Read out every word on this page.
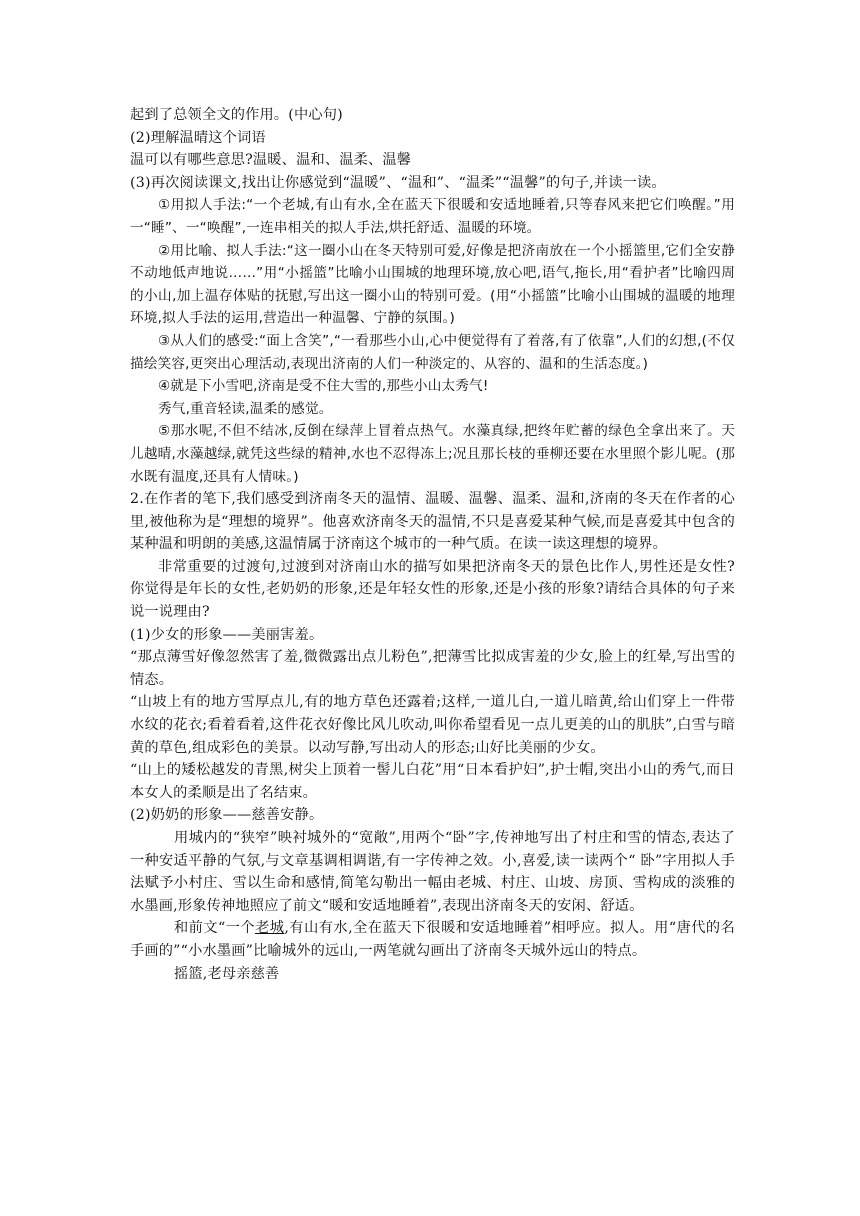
起到了总领全文的作用。(中心句)

(2)理解温晴这个词语

温可以有哪些意思?温暖、温和、温柔、温馨

(3)再次阅读课文,找出让你感觉到“温暖”、“温和”、“温柔”“温馨”的句子,并读一读。

①用拟人手法:“一个老城,有山有水,全在蓝天下很暖和安适地睡着,只等春风来把它们唤醒。”用一“睡”、一“唤醒”,一连串相关的拟人手法,烘托舒适、温暖的环境。

②用比喻、拟人手法:“这一圈小山在冬天特别可爱,好像是把济南放在一个小摇篮里,它们全安静不动地低声地说……”用“小摇篮”比喻小山围城的地理环境,放心吧,语气,拖长,用“看护者”比喻四周的小山,加上温存体贴的抚慰,写出这一圈小山的特别可爱。(用“小摇篮”比喻小山围城的温暖的地理环境,拟人手法的运用,营造出一种温馨、宁静的氛围。)

③从人们的感受:“面上含笑”,“一看那些小山,心中便觉得有了着落,有了依靠”,人们的幻想,(不仅描绘笑容,更突出心理活动,表现出济南的人们一种淡定的、从容的、温和的生活态度。)

④就是下小雪吧,济南是受不住大雪的,那些小山太秀气!

秀气,重音轻读,温柔的感觉。

⑤那水呢,不但不结冰,反倒在绿萍上冒着点热气。水藻真绿,把终年贮蓄的绿色全拿出来了。天儿越晴,水藻越绿,就凭这些绿的精神,水也不忍得冻上;况且那长枝的垂柳还要在水里照个影儿呢。(那水既有温度,还具有人情味。)

2.在作者的笔下,我们感受到济南冬天的温情、温暖、温馨、温柔、温和,济南的冬天在作者的心里,被他称为是“理想的境界”。他喜欢济南冬天的温情,不只是喜爱某种气候,而是喜爱其中包含的某种温和明朗的美感,这温情属于济南这个城市的一种气质。在读一读这理想的境界。

非常重要的过渡句,过渡到对济南山水的描写如果把济南冬天的景色比作人,男性还是女性?你觉得是年长的女性,老奶奶的形象,还是年轻女性的形象,还是小孩的形象?请结合具体的句子来说一说理由?

(1)少女的形象——美丽害羞。

“那点薄雪好像忽然害了羞,微微露出点儿粉色”,把薄雪比拟成害羞的少女,脸上的红晕,写出雪的情态。

“山坡上有的地方雪厚点儿,有的地方草色还露着;这样,一道儿白,一道儿暗黄,给山们穿上一件带水纹的花衣;看着看着,这件花衣好像比风儿吹动,叫你希望看见一点儿更美的山的肌肤”,白雪与暗黄的草色,组成彩色的美景。以动写静,写出动人的形态;山好比美丽的少女。

“山上的矮松越发的青黑,树尖上顶着一髻儿白花”用“日本看护妇”,护士帽,突出小山的秀气,而日本女人的柔顺是出了名结束。

(2)奶奶的形象——慈善安静。

用城内的“狭窄”映衬城外的“宽敞”,用两个“卧”字,传神地写出了村庄和雪的情态,表达了一种安适平静的气氛,与文章基调相调谐,有一字传神之效。小,喜爱,读一读两个“ 卧”字用拟人手法赋予小村庄、雪以生命和感情,简笔勾勒出一幅由老城、村庄、山坡、房顶、雪构成的淡雅的水墨画,形象传神地照应了前文“暖和安适地睡着”,表现出济南冬天的安闲、舒适。

和前文“一个老城,有山有水,全在蓝天下很暖和安适地睡着”相呼应。拟人。用“唐代的名手画的”“小水墨画”比喻城外的远山,一两笔就勾画出了济南冬天城外远山的特点。

摇篮,老母亲慈善
